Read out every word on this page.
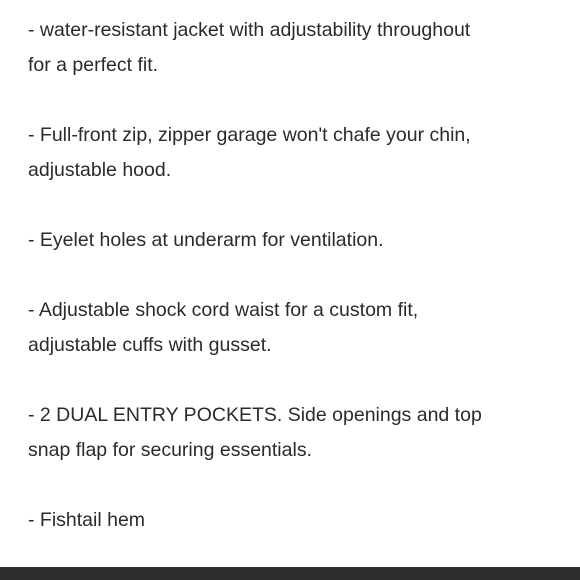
- water-resistant jacket with adjustability throughout
for a perfect fit.

- Full-front zip, zipper garage won't chafe your chin,
adjustable hood.

- Eyelet holes at underarm for ventilation.

- Adjustable shock cord waist for a custom fit,
adjustable cuffs with gusset.

- 2 DUAL ENTRY POCKETS. Side openings and top
snap flap for securing essentials.

- Fishtail hem
